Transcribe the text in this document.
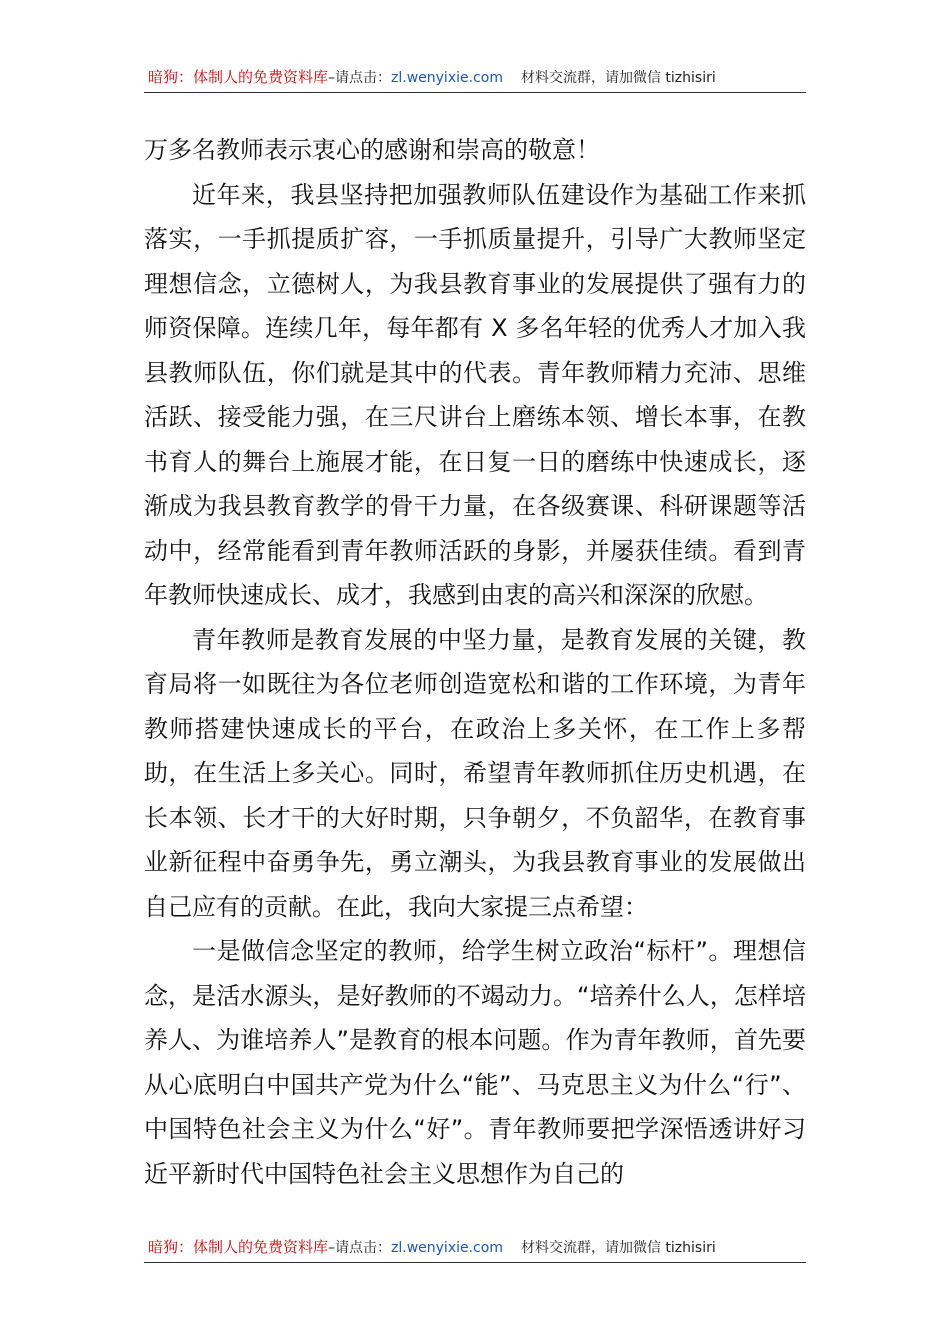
暗狗：体制人的免费资料库–请点击：zl.wenyixie.com 材料交流群，请加微信 tizhisiri

万多名教师表示衷心的感谢和崇高的敬意！

近年来，我县坚持把加强教师队伍建设作为基础工作来抓落实，一手抓提质扩容，一手抓质量提升，引导广大教师坚定理想信念，立德树人，为我县教育事业的发展提供了强有力的师资保障。连续几年，每年都有 X 多名年轻的优秀人才加入我县教师队伍，你们就是其中的代表。青年教师精力充沛、思维活跃、接受能力强，在三尺讲台上磨练本领、增长本事，在教书育人的舞台上施展才能，在日复一日的磨练中快速成长，逐渐成为我县教育教学的骨干力量，在各级赛课、科研课题等活动中，经常能看到青年教师活跃的身影，并屡获佳绩。看到青年教师快速成长、成才，我感到由衷的高兴和深深的欣慰。

青年教师是教育发展的中坚力量，是教育发展的关键，教育局将一如既往为各位老师创造宽松和谐的工作环境，为青年教师搭建快速成长的平台，在政治上多关怀，在工作上多帮助，在生活上多关心。同时，希望青年教师抓住历史机遇，在长本领、长才干的大好时期，只争朝夕，不负韶华，在教育事业新征程中奋勇争先，勇立潮头，为我县教育事业的发展做出自己应有的贡献。在此，我向大家提三点希望：

一是做信念坚定的教师，给学生树立政治“标杆”。理想信念，是活水源头，是好教师的不竭动力。“培养什么人，怎样培养人、为谁培养人”是教育的根本问题。作为青年教师，首先要从心底明白中国共产党为什么“能”、马克思主义为什么“行”、中国特色社会主义为什么“好”。青年教师要把学深悟透讲好习近平新时代中国特色社会主义思想作为自己的

暗狗：体制人的免费资料库–请点击：zl.wenyixie.com 材料交流群，请加微信 tizhisiri
